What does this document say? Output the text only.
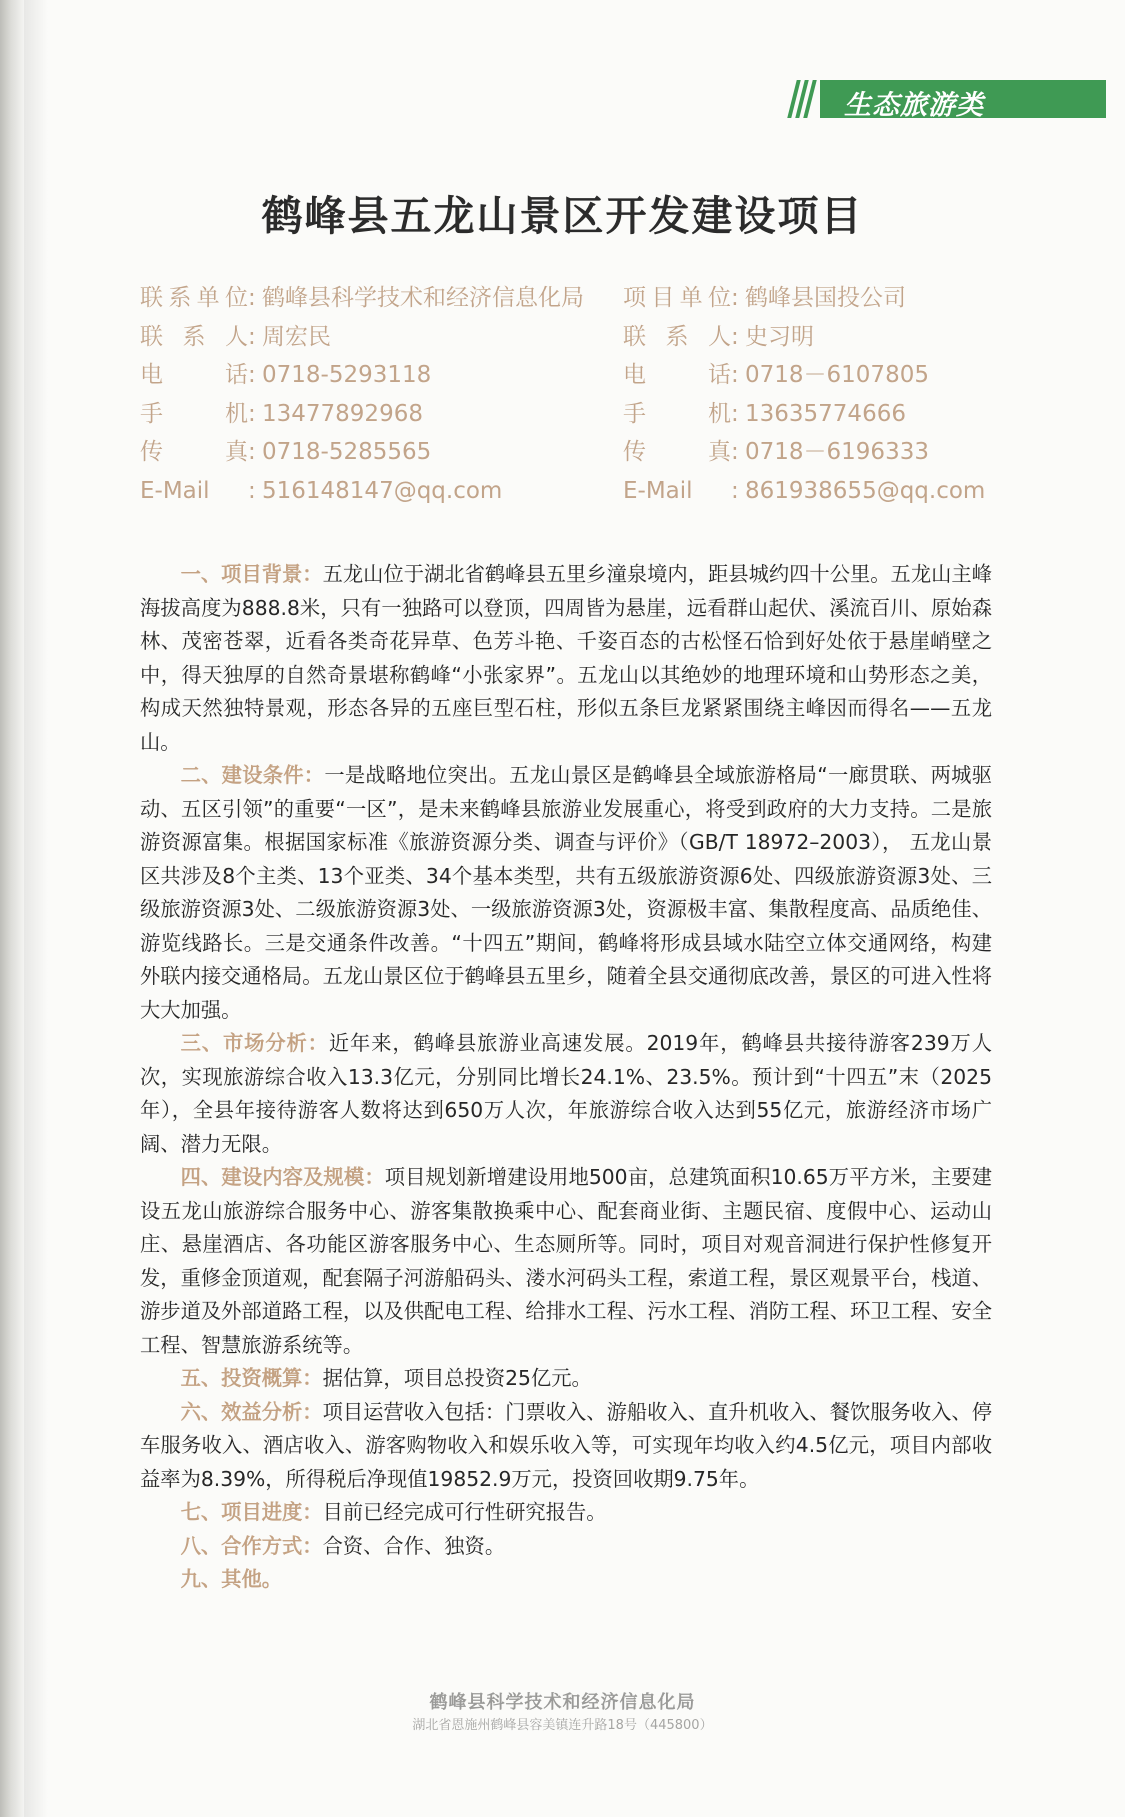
生态旅游类
鹤峰县五龙山景区开发建设项目
联系单位: 鹤峰县科学技术和经济信息化局
联 系 人: 周宏民
电 话: 0718-5293118
手 机: 13477892968
传 真: 0718-5285565
E-Mail : 516148147@qq.com
项目单位: 鹤峰县国投公司
联 系 人: 史习明
电 话: 0718－6107805
手 机: 13635774666
传 真: 0718－6196333
E-Mail : 861938655@qq.com

一、项目背景：五龙山位于湖北省鹤峰县五里乡潼泉境内，距县城约四十公里。五龙山主峰海拔高度为888.8米，只有一独路可以登顶，四周皆为悬崖，远看群山起伏、溪流百川、原始森林、茂密苍翠，近看各类奇花异草、色芳斗艳、千姿百态的古松怪石恰到好处依于悬崖峭壁之中，得天独厚的自然奇景堪称鹤峰“小张家界”。五龙山以其绝妙的地理环境和山势形态之美，构成天然独特景观，形态各异的五座巨型石柱，形似五条巨龙紧紧围绕主峰因而得名——五龙山。

二、建设条件：一是战略地位突出。五龙山景区是鹤峰县全域旅游格局“一廊贯联、两城驱动、五区引领”的重要“一区”，是未来鹤峰县旅游业发展重心，将受到政府的大力支持。二是旅游资源富集。根据国家标准《旅游资源分类、调查与评价》（GB/T 18972–2003）， 五龙山景区共涉及8个主类、13个亚类、34个基本类型，共有五级旅游资源6处、四级旅游资源3处、三级旅游资源3处、二级旅游资源3处、一级旅游资源3处，资源极丰富、集散程度高、品质绝佳、游览线路长。三是交通条件改善。“十四五”期间，鹤峰将形成县域水陆空立体交通网络，构建外联内接交通格局。五龙山景区位于鹤峰县五里乡，随着全县交通彻底改善，景区的可进入性将大大加强。

三、市场分析：近年来，鹤峰县旅游业高速发展。2019年，鹤峰县共接待游客239万人次，实现旅游综合收入13.3亿元，分别同比增长24.1%、23.5%。预计到“十四五”末（2025年），全县年接待游客人数将达到650万人次，年旅游综合收入达到55亿元，旅游经济市场广阔、潜力无限。

四、建设内容及规模：项目规划新增建设用地500亩，总建筑面积10.65万平方米，主要建设五龙山旅游综合服务中心、游客集散换乘中心、配套商业街、主题民宿、度假中心、运动山庄、悬崖酒店、各功能区游客服务中心、生态厕所等。同时，项目对观音洞进行保护性修复开发，重修金顶道观，配套隔子河游船码头、溇水河码头工程，索道工程，景区观景平台，栈道、游步道及外部道路工程，以及供配电工程、给排水工程、污水工程、消防工程、环卫工程、安全工程、智慧旅游系统等。

五、投资概算：据估算，项目总投资25亿元。

六、效益分析：项目运营收入包括：门票收入、游船收入、直升机收入、餐饮服务收入、停车服务收入、酒店收入、游客购物收入和娱乐收入等，可实现年均收入约4.5亿元，项目内部收益率为8.39%，所得税后净现值19852.9万元，投资回收期9.75年。

七、项目进度：目前已经完成可行性研究报告。

八、合作方式：合资、合作、独资。

九、其他。

鹤峰县科学技术和经济信息化局
湖北省恩施州鹤峰县容美镇连升路18号（445800）
